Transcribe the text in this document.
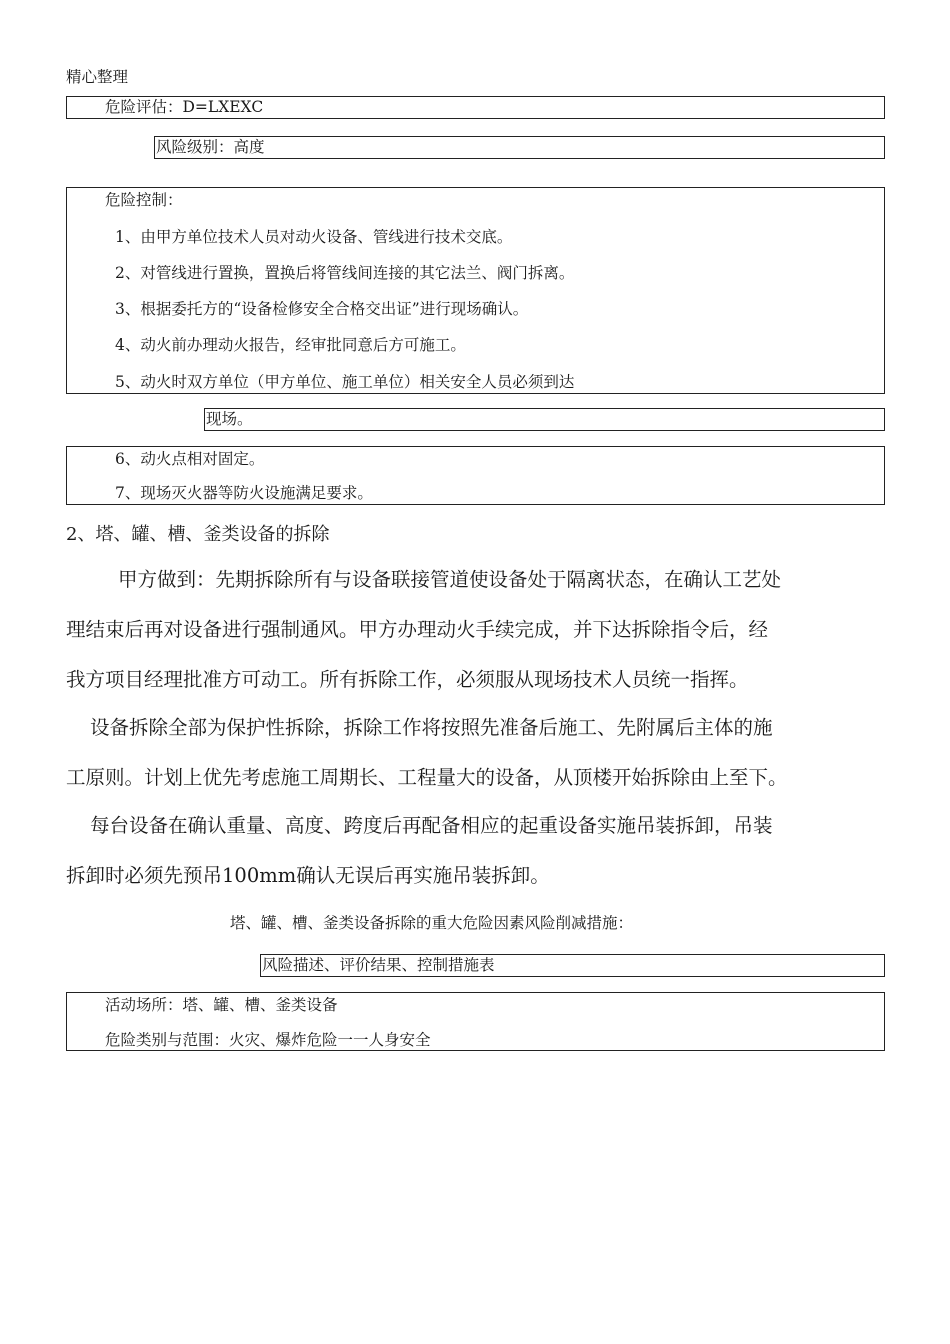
精心整理
危险评估：D=LXEXC
风险级别：高度
危险控制：
1、由甲方单位技术人员对动火设备、管线进行技术交底。
2、对管线进行置换，置换后将管线间连接的其它法兰、阀门拆离。
3、根据委托方的“设备检修安全合格交出证”进行现场确认。
4、动火前办理动火报告，经审批同意后方可施工。
5、动火时双方单位（甲方单位、施工单位）相关安全人员必须到达
现场。
6、动火点相对固定。
7、现场灭火器等防火设施满足要求。
2、塔、罐、槽、釜类设备的拆除
甲方做到：先期拆除所有与设备联接管道使设备处于隔离状态，在确认工艺处
理结束后再对设备进行强制通风。甲方办理动火手续完成，并下达拆除指令后，经
我方项目经理批准方可动工。所有拆除工作，必须服从现场技术人员统一指挥。
设备拆除全部为保护性拆除，拆除工作将按照先准备后施工、先附属后主体的施
工原则。计划上优先考虑施工周期长、工程量大的设备，从顶楼开始拆除由上至下。
每台设备在确认重量、高度、跨度后再配备相应的起重设备实施吊装拆卸，吊装
拆卸时必须先预吊100mm确认无误后再实施吊装拆卸。
塔、罐、槽、釜类设备拆除的重大危险因素风险削减措施：
风险描述、评价结果、控制措施表
活动场所：塔、罐、槽、釜类设备
危险类别与范围：火灾、爆炸危险一一人身安全
